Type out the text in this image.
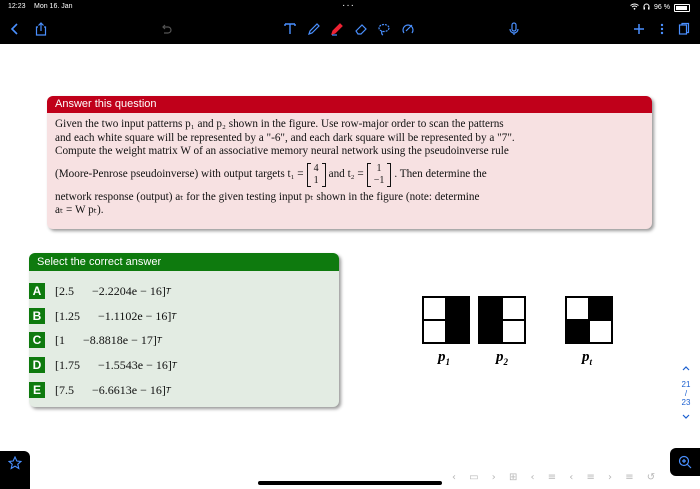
12:23 Mon 16. Jan	···	96 %
Answer this question
Given the two input patterns p₁ and p₂ shown in the figure. Use row-major order to scan the patterns
and each white square will be represented by a "-6", and each dark square will be represented by a "7".
Compute the weight matrix W of an associative memory neural network using the pseudoinverse rule
(Moore-Penrose pseudoinverse) with output targets t₁ = 4
1
and t₂ = 1
−1
. Then determine the
network response (output) aₜ for the given testing input pₜ shown in the figure (note: determine
aₜ = W pₜ).
Select the correct answer
A	[2.5      −2.2204e − 16] T
B	[1.25      −1.1102e − 16] T
C	[1      −8.8818e − 17] T
D	[1.75      −1.5543e − 16] T
E	[7.5      −6.6613e − 16] T
$p_1$	$p_2$	$p_t$
21
/
23
‹ ▭ › ⊞ ‹ ≡ ‹ ≡ › ≡ ↺
